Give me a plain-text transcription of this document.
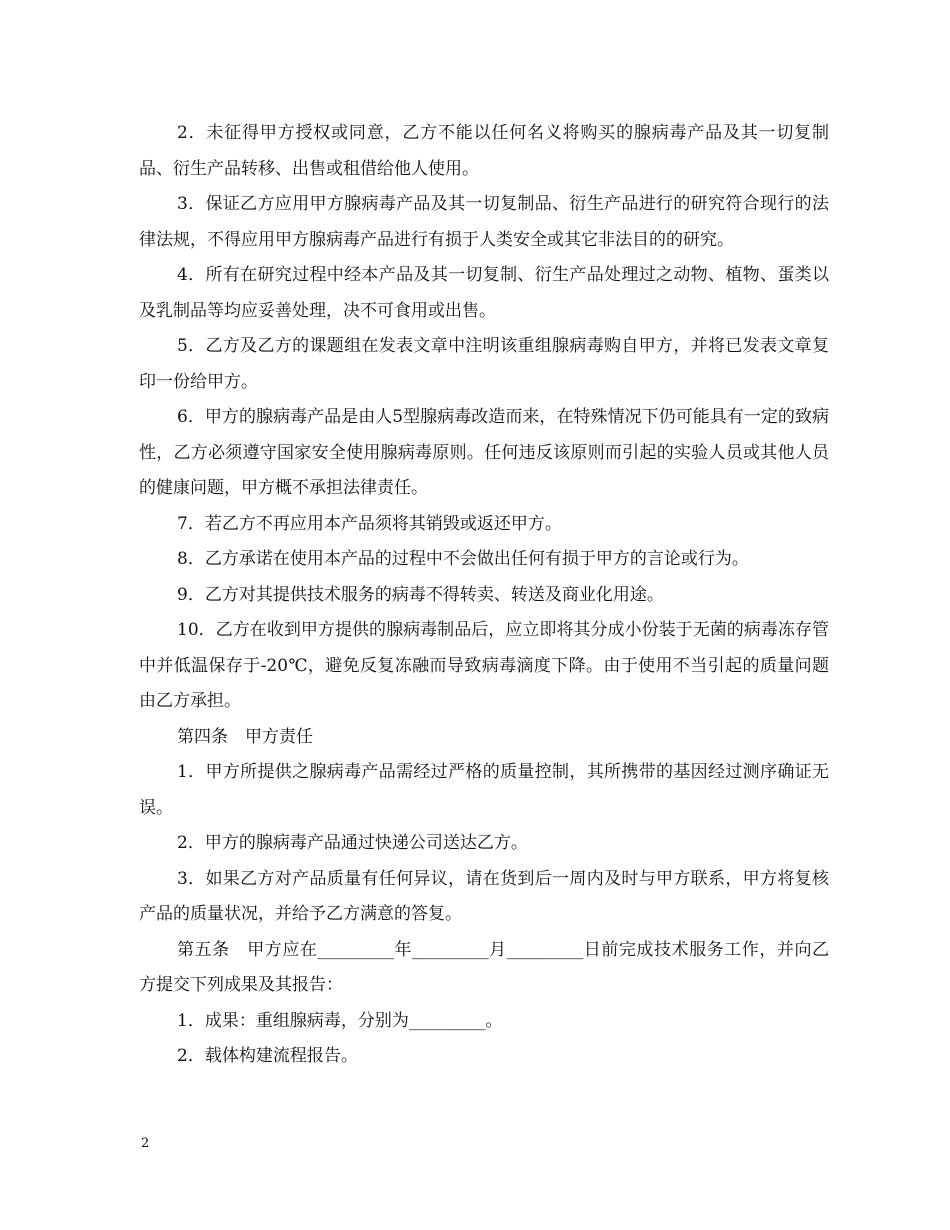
2．未征得甲方授权或同意，乙方不能以任何名义将购买的腺病毒产品及其一切复制品、衍生产品转移、出售或租借给他人使用。

3．保证乙方应用甲方腺病毒产品及其一切复制品、衍生产品进行的研究符合现行的法律法规，不得应用甲方腺病毒产品进行有损于人类安全或其它非法目的的研究。

4．所有在研究过程中经本产品及其一切复制、衍生产品处理过之动物、植物、蛋类以及乳制品等均应妥善处理，决不可食用或出售。

5．乙方及乙方的课题组在发表文章中注明该重组腺病毒购自甲方，并将已发表文章复印一份给甲方。

6．甲方的腺病毒产品是由人5型腺病毒改造而来，在特殊情况下仍可能具有一定的致病性，乙方必须遵守国家安全使用腺病毒原则。任何违反该原则而引起的实验人员或其他人员的健康问题，甲方概不承担法律责任。

7．若乙方不再应用本产品须将其销毁或返还甲方。

8．乙方承诺在使用本产品的过程中不会做出任何有损于甲方的言论或行为。

9．乙方对其提供技术服务的病毒不得转卖、转送及商业化用途。

10．乙方在收到甲方提供的腺病毒制品后，应立即将其分成小份装于无菌的病毒冻存管中并低温保存于-20℃，避免反复冻融而导致病毒滴度下降。由于使用不当引起的质量问题由乙方承担。

第四条　甲方责任

1．甲方所提供之腺病毒产品需经过严格的质量控制，其所携带的基因经过测序确证无误。

2．甲方的腺病毒产品通过快递公司送达乙方。

3．如果乙方对产品质量有任何异议，请在货到后一周内及时与甲方联系，甲方将复核产品的质量状况，并给予乙方满意的答复。

第五条　甲方应在_________年_________月_________日前完成技术服务工作，并向乙方提交下列成果及其报告：

1．成果：重组腺病毒，分别为_________。

2．载体构建流程报告。

2
